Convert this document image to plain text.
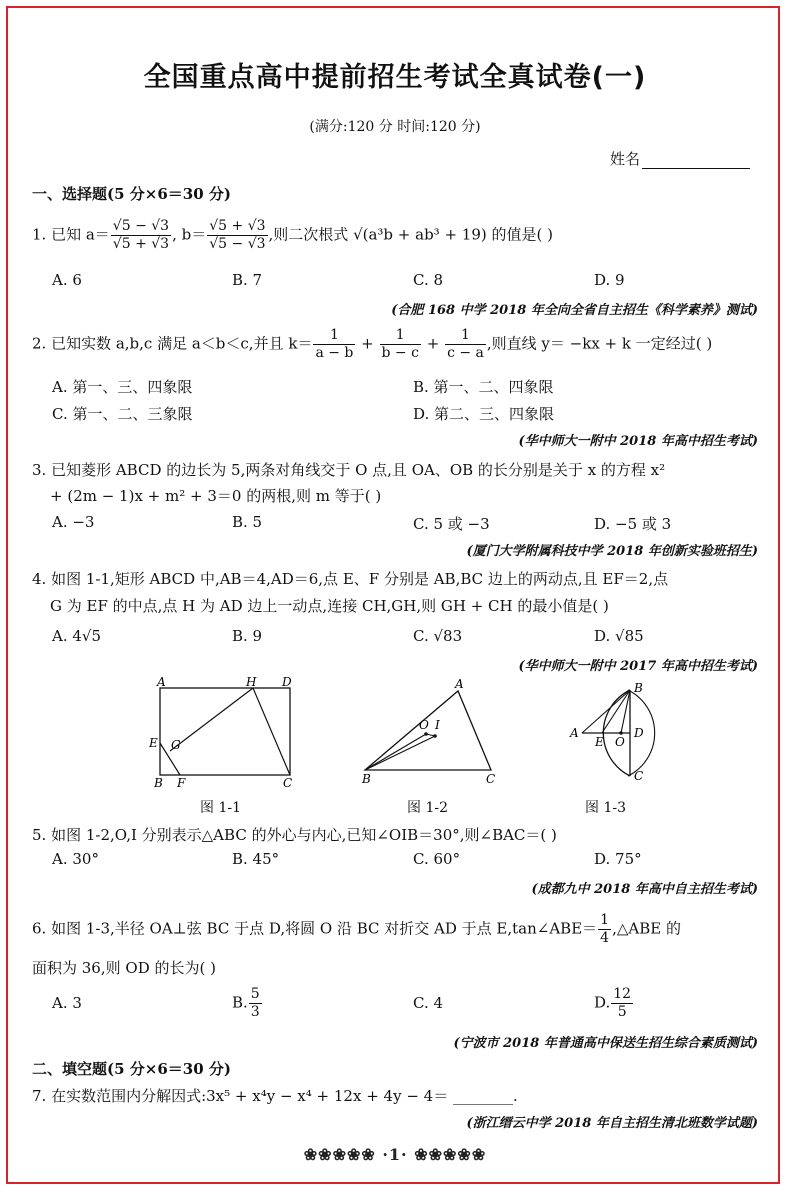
全国重点高中提前招生考试全真试卷(一)
(满分:120 分 时间:120 分)
姓名
一、选择题(5 分×6＝30 分)
1. 已知 $a= \frac{√5 - √3}{√5 + √3}$ , $b= \frac{√5 + √3}{√5 - √3}$ ,则二次根式 √(a³b + ab³ + 19) 的值是( )
A. 6	B. 7	C. 8	D. 9
(合肥 168 中学 2018 年全向全省自主招生《科学素养》测试)
2. 已知实数 a,b,c 满足 a＜b＜c,并且 $k= \frac{1}{a - b} + \frac{1}{b - c} + \frac{1}{c - a}$ ,则直线 y＝ −kx + k 一定经过( )
A. 第一、三、四象限	B. 第一、二、四象限
C. 第一、二、三象限	D. 第二、三、四象限
(华中师大一附中 2018 年高中招生考试)
3. 已知菱形 ABCD 的边长为 5,两条对角线交于 O 点,且 OA、OB 的长分别是关于 x 的方程 x²
+ (2m − 1)x + m² + 3＝0 的两根,则 m 等于( )
A. −3	B. 5	C. 5 或 −3	D. −5 或 3
(厦门大学附属科技中学 2018 年创新实验班招生)
4. 如图 1-1,矩形 ABCD 中,AB＝4,AD＝6,点 E、F 分别是 AB,BC 边上的两动点,且 EF＝2,点
G 为 EF 的中点,点 H 为 AD 边上一动点,连接 CH,GH,则 GH + CH 的最小值是( )
A. 4√5	B. 9	C. √83	D. √85
(华中师大一附中 2017 年高中招生考试)
A	H D
E G
B F	C
A
O I
B	C
B
A
E O
D
C
图 1-1	图 1-2	图 1-3
5. 如图 1-2,O,I 分别表示△ABC 的外心与内心,已知∠OIB＝30°,则∠BAC＝( )
A. 30°	B. 45°	C. 60°	D. 75°
(成都九中 2018 年高中自主招生考试)
6. 如图 1-3,半径 OA⊥弦 BC 于点 D,将圆 O 沿 BC 对折交 AD 于点 E,tan∠ABE＝ $\frac{1}{4}$ ,△ABE 的
面积为 36,则 OD 的长为( )
A. 3	B. $\frac{5}{3}$	C. 4	D. $\frac{12}{5}$
(宁波市 2018 年普通高中保送生招生综合素质测试)
二、填空题(5 分×6＝30 分)
7. 在实数范围内分解因式:3x⁵ + x⁴y − x⁴ + 12x + 4y − 4＝ ________.
(浙江缙云中学 2018 年自主招生清北班数学试题)
❀❀❀❀❀ ·1· ❀❀❀❀❀
